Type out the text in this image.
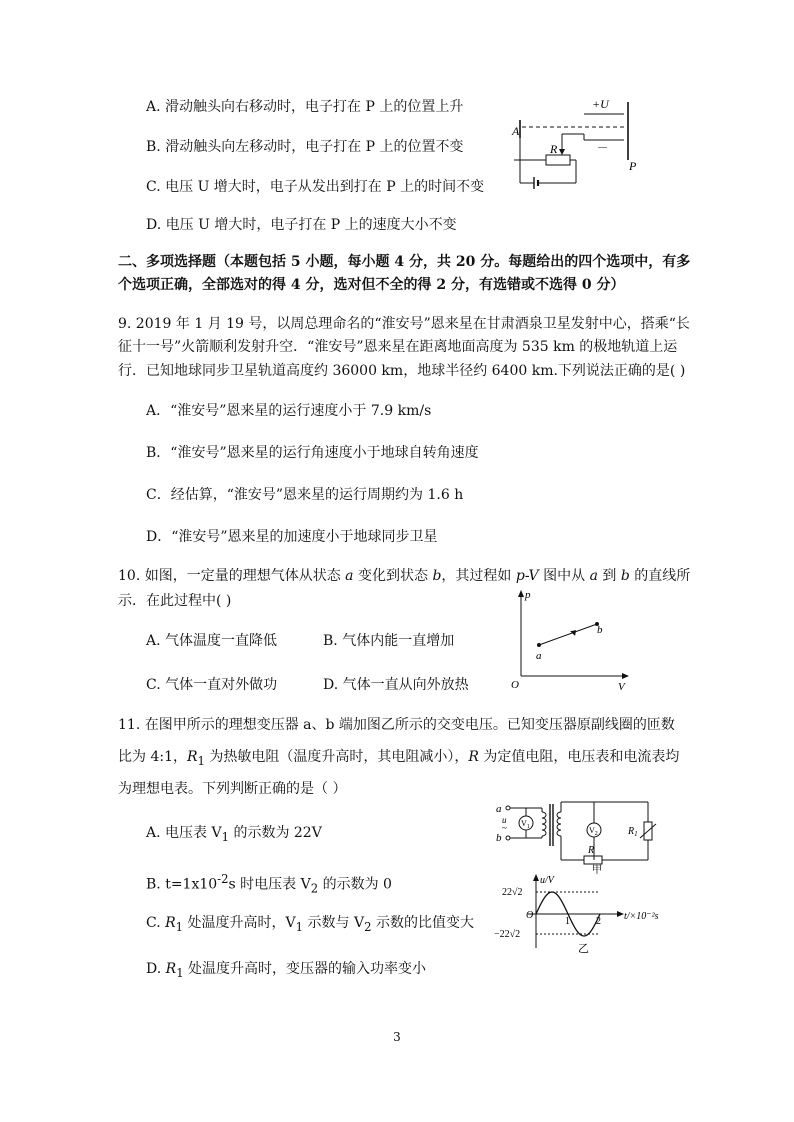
A. 滑动触头向右移动时，电子打在 P 上的位置上升
B. 滑动触头向左移动时，电子打在 P 上的位置不变
C. 电压 U 增大时，电子从发出到打在 P 上的时间不变
D. 电压 U 增大时，电子打在 P 上的速度大小不变
+U
A
—
P
R
二、多项选择题（本题包括 5 小题，每小题 4 分，共 20 分。每题给出的四个选项中，有多
个选项正确，全部选对的得 4 分，选对但不全的得 2 分，有选错或不选得 0 分）
9. 2019 年 1 月 19 号，以周总理命名的“淮安号”恩来星在甘肃酒泉卫星发射中心，搭乘“长
征十一号”火箭顺利发射升空．“淮安号”恩来星在距离地面高度为 535 km 的极地轨道上运
行．已知地球同步卫星轨道高度约 36000 km，地球半径约 6400 km.下列说法正确的是( )
A．“淮安号”恩来星的运行速度小于 7.9 km/s
B．“淮安号”恩来星的运行角速度小于地球自转角速度
C．经估算，“淮安号”恩来星的运行周期约为 1.6 h
D．“淮安号”恩来星的加速度小于地球同步卫星
10. 如图，一定量的理想气体从状态 a 变化到状态 b，其过程如 p-V 图中从 a 到 b 的直线所
示．在此过程中( )
A. 气体温度一直降低	B. 气体内能一直增加
C. 气体一直对外做功	D. 气体一直从向外放热
p
V
O
a
b
11. 在图甲所示的理想变压器 a、b 端加图乙所示的交变电压。已知变压器原副线圈的匝数
比为 4:1，$R_1$ 为热敏电阻（温度升高时，其电阻减小），R 为定值电阻，电压表和电流表均
为理想电表。下列判断正确的是（ ）
A. 电压表 $V_1$ 的示数为 22V
B. $t=1x10^{-2}s$ 时电压表 $V_2$ 的示数为 0
C. $R_1$ 处温度升高时，$V_1$ 示数与 $V_2$ 示数的比值变大
D. $R_1$ 处温度升高时，变压器的输入功率变小
a
b
u
~ $V_1$
R
$V_2$	$R_1$
甲
u/V
22√2
−22√2
O
1	2 t/×10⁻²s
乙
3
